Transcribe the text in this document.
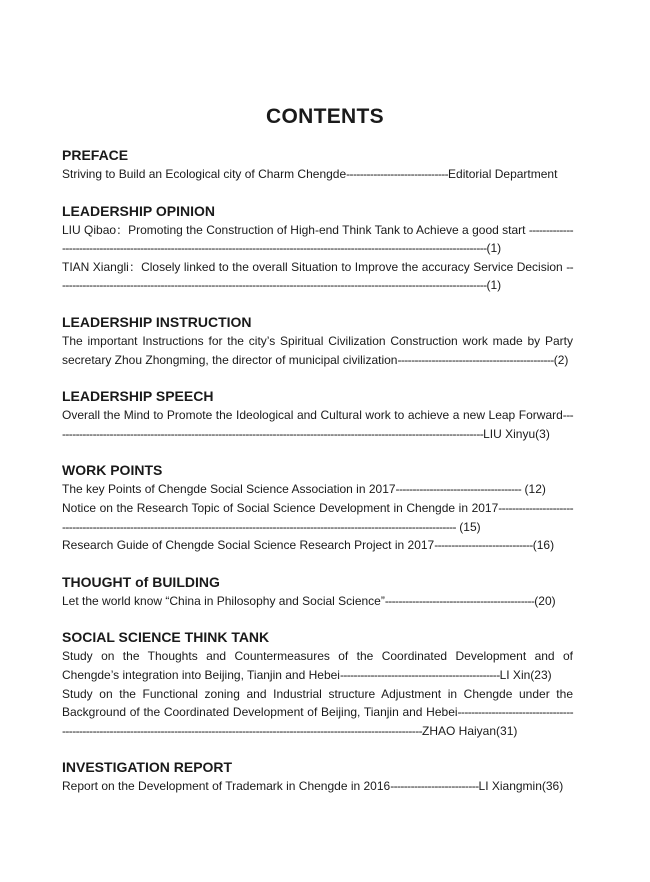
CONTENTS
PREFACE
Striving to Build an Ecological city of Charm Chengde------------------------------Editorial Department
LEADERSHIP OPINION
LIU Qibao：Promoting the Construction of High-end Think Tank to Achieve a good start ------------------------------------------------------------------------------------------------------------------------------------------(1)
TIAN Xiangli：Closely linked to the overall Situation to Improve the accuracy Service Decision -------------------------------------------------------------------------------------------------------------------------------(1)
LEADERSHIP INSTRUCTION
The important Instructions for the city’s Spiritual Civilization Construction work made by Party secretary Zhou Zhongming, the director of municipal civilization----------------------------------------------(2)
LEADERSHIP SPEECH
Overall the Mind to Promote the Ideological and Cultural work to achieve a new Leap Forward-------------------------------------------------------------------------------------------------------------------------------LIU Xinyu(3)
WORK POINTS
The key Points of Chengde Social Science Association in 2017------------------------------------- (12)
Notice on the Research Topic of Social Science Development in Chengde in 2017------------------------------------------------------------------------------------------------------------------------------------------ (15)
Research Guide of Chengde Social Science Research Project in 2017-----------------------------(16)
THOUGHT of BUILDING
Let the world know “China in Philosophy and Social Science”--------------------------------------------(20)
SOCIAL SCIENCE THINK TANK
Study on the Thoughts and Countermeasures of the Coordinated Development and of Chengde’s integration into Beijing, Tianjin and Hebei-----------------------------------------------LI Xin(23)
Study on the Functional zoning and Industrial structure Adjustment in Chengde under the Background of the Coordinated Development of Beijing, Tianjin and Hebei--------------------------------------------------------------------------------------------------------------------------------------------ZHAO Haiyan(31)
INVESTIGATION REPORT
Report on the Development of Trademark in Chengde in 2016--------------------------LI Xiangmin(36)
